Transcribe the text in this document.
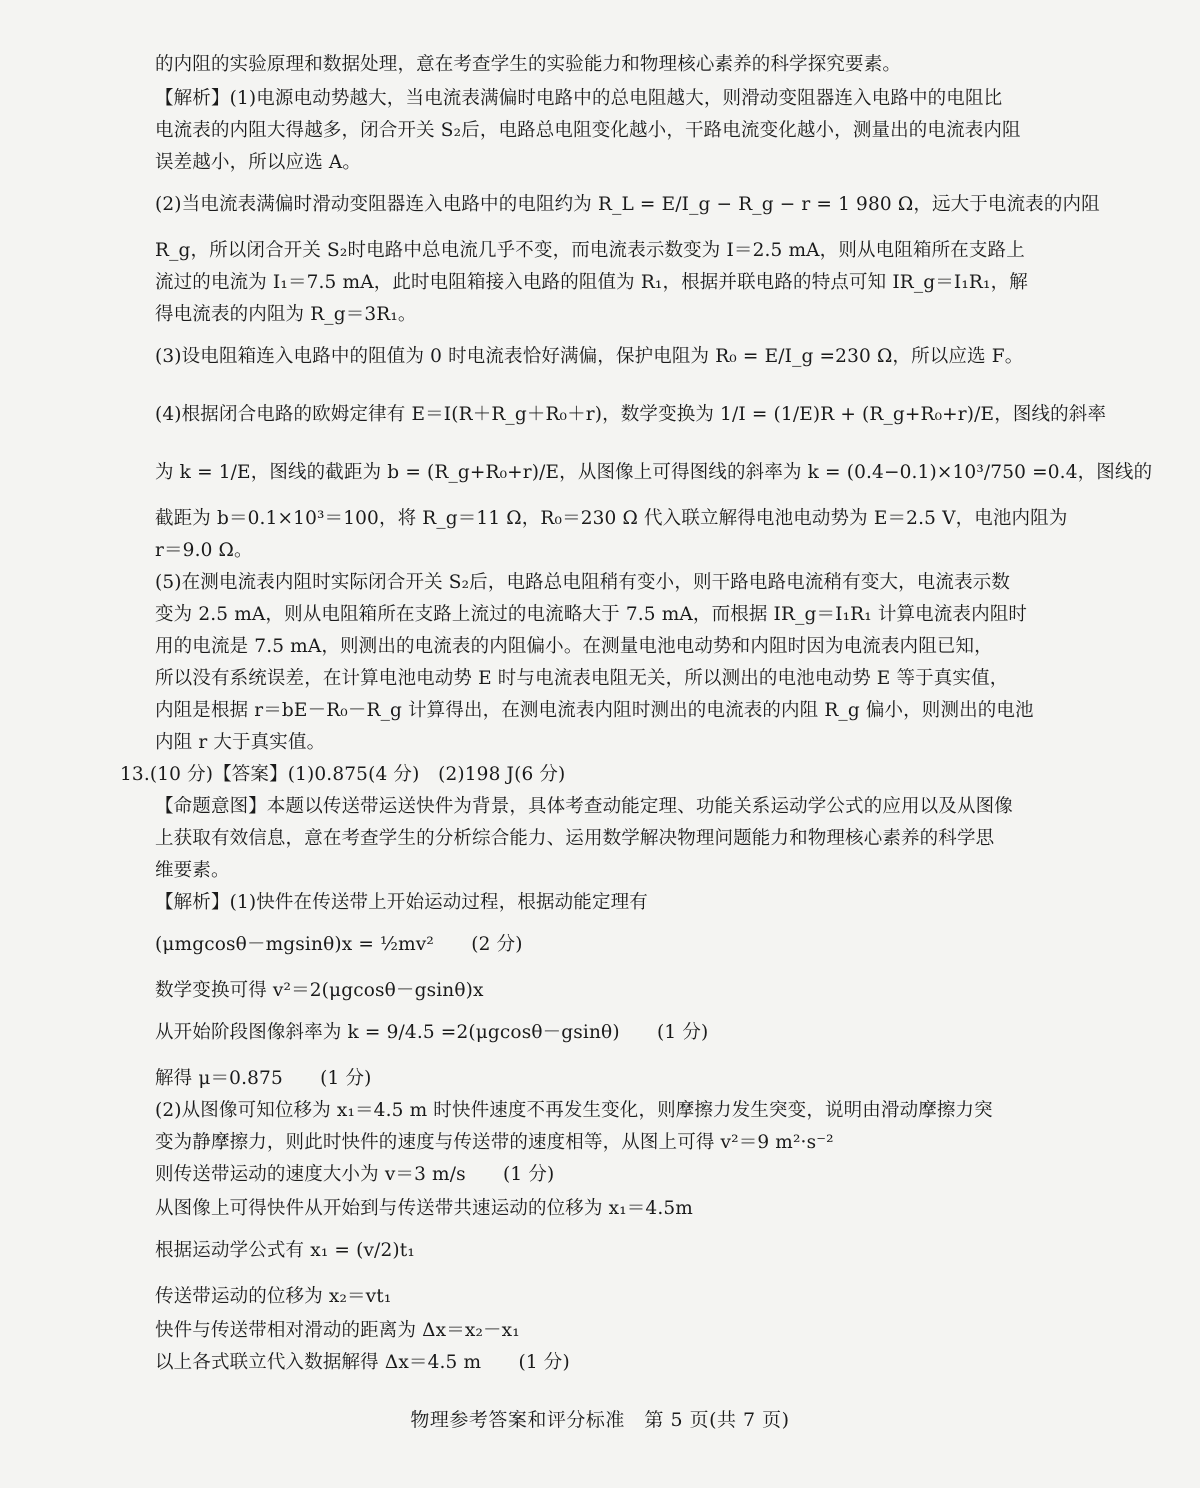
的内阻的实验原理和数据处理，意在考查学生的实验能力和物理核心素养的科学探究要素。
【解析】(1)电源电动势越大，当电流表满偏时电路中的总电阻越大，则滑动变阻器连入电路中的电阻比
电流表的内阻大得越多，闭合开关 S₂后，电路总电阻变化越小，干路电流变化越小，测量出的电流表内阻
误差越小，所以应选 A。
(2)当电流表满偏时滑动变阻器连入电路中的电阻约为 R_L = E/I_g − R_g − r = 1 980 Ω，远大于电流表的内阻
R_g，所以闭合开关 S₂时电路中总电流几乎不变，而电流表示数变为 I＝2.5 mA，则从电阻箱所在支路上
流过的电流为 I₁＝7.5 mA，此时电阻箱接入电路的阻值为 R₁，根据并联电路的特点可知 IR_g＝I₁R₁，解
得电流表的内阻为 R_g＝3R₁。
(3)设电阻箱连入电路中的阻值为 0 时电流表恰好满偏，保护电阻为 R₀ = E/I_g =230 Ω，所以应选 F。
(4)根据闭合电路的欧姆定律有 E＝I(R＋R_g＋R₀＋r)，数学变换为 1/I = (1/E)R + (R_g+R₀+r)/E，图线的斜率
为 k = 1/E，图线的截距为 b = (R_g+R₀+r)/E，从图像上可得图线的斜率为 k = (0.4−0.1)×10³/750 =0.4，图线的
截距为 b＝0.1×10³＝100，将 R_g＝11 Ω，R₀＝230 Ω 代入联立解得电池电动势为 E＝2.5 V，电池内阻为
r＝9.0 Ω。
(5)在测电流表内阻时实际闭合开关 S₂后，电路总电阻稍有变小，则干路电路电流稍有变大，电流表示数
变为 2.5 mA，则从电阻箱所在支路上流过的电流略大于 7.5 mA，而根据 IR_g＝I₁R₁ 计算电流表内阻时
用的电流是 7.5 mA，则测出的电流表的内阻偏小。在测量电池电动势和内阻时因为电流表内阻已知，
所以没有系统误差，在计算电池电动势 E 时与电流表电阻无关，所以测出的电池电动势 E 等于真实值，
内阻是根据 r＝bE－R₀－R_g 计算得出，在测电流表内阻时测出的电流表的内阻 R_g 偏小，则测出的电池
内阻 r 大于真实值。
13.(10 分)【答案】(1)0.875(4 分)　(2)198 J(6 分)
【命题意图】本题以传送带运送快件为背景，具体考查动能定理、功能关系运动学公式的应用以及从图像
上获取有效信息，意在考查学生的分析综合能力、运用数学解决物理问题能力和物理核心素养的科学思
维要素。
【解析】(1)快件在传送带上开始运动过程，根据动能定理有
(μmgcosθ－mgsinθ)x = ½mv²　　(2 分)
数学变换可得 v²＝2(μgcosθ－gsinθ)x
从开始阶段图像斜率为 k = 9/4.5 =2(μgcosθ－gsinθ)　　(1 分)
解得 μ＝0.875　　(1 分)
(2)从图像可知位移为 x₁＝4.5 m 时快件速度不再发生变化，则摩擦力发生突变，说明由滑动摩擦力突
变为静摩擦力，则此时快件的速度与传送带的速度相等，从图上可得 v²＝9 m²·s⁻²
则传送带运动的速度大小为 v＝3 m/s　　(1 分)
从图像上可得快件从开始到与传送带共速运动的位移为 x₁＝4.5m
根据运动学公式有 x₁ = (v/2)t₁
传送带运动的位移为 x₂＝vt₁
快件与传送带相对滑动的距离为 Δx＝x₂－x₁
以上各式联立代入数据解得 Δx＝4.5 m　　(1 分)
物理参考答案和评分标准　第 5 页(共 7 页)
